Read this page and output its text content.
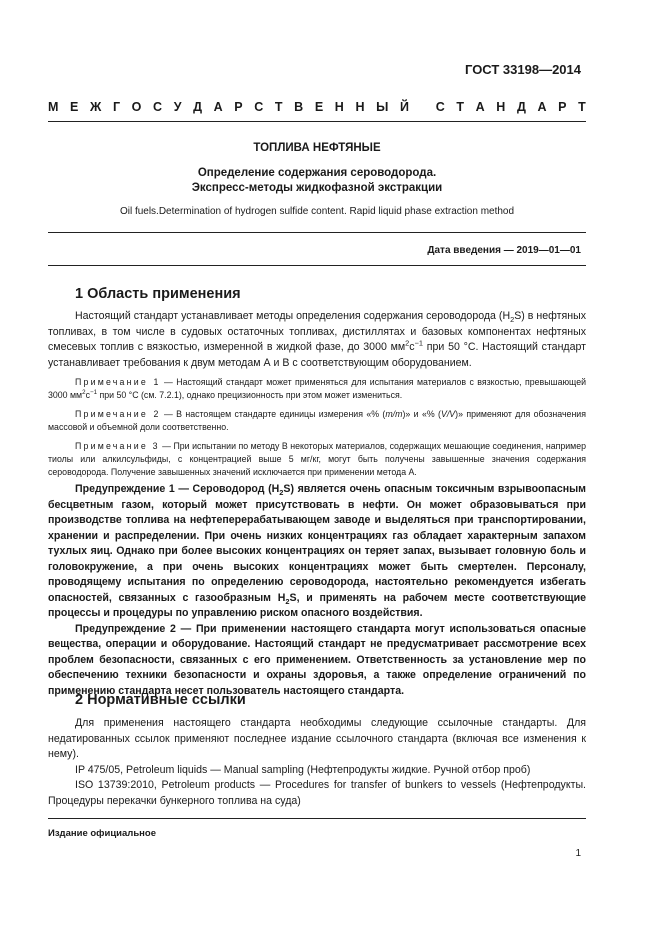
ГОСТ 33198—2014
М Е Ж Г О С У Д А Р С Т В Е Н Н Ы Й
С Т А Н Д А Р Т
ТОПЛИВА НЕФТЯНЫЕ
Определение содержания сероводорода.
Экспресс-методы жидкофазной экстракции
Oil fuels.Determination of hydrogen sulfide content. Rapid liquid phase extraction method
Дата введения — 2019—01—01
1 Область применения

Настоящий стандарт устанавливает методы определения содержания сероводорода $(H_2S)$ в нефтяных топливах, в том числе в судовых остаточных топливах, дистиллятах и базовых компонентах нефтяных смесевых топлив с вязкостью, измеренной в жидкой фазе, до 3000 $мм^2с^{-1}$ при 50 °C. Настоящий стандарт устанавливает требования к двум методам А и В с соответствующим оборудованием.

Примечание 1 — Настоящий стандарт может применяться для испытания материалов с вязкостью, превышающей 3000 $мм^2с^{-1}$ при 50 °C (см. 7.2.1), однако прецизионность при этом может измениться.

Примечание 2 — В настоящем стандарте единицы измерения «% (m/m)» и «% (V/V)» применяют для обозначения массовой и объемной доли соответственно.

Примечание 3 — При испытании по методу В некоторых материалов, содержащих мешающие соединения, например тиолы или алкилсульфиды, с концентрацией выше 5 мг/кг, могут быть получены завышенные значения содержания сероводорода. Получение завышенных значений исключается при применении метода А.

Предупреждение 1 — Сероводород $(H_2S)$ является очень опасным токсичным взрывоопасным бесцветным газом, который может присутствовать в нефти. Он может образовываться при производстве топлива на нефтеперерабатывающем заводе и выделяться при транспортировании, хранении и распределении. При очень низких концентрациях газ обладает характерным запахом тухлых яиц. Однако при более высоких концентрациях он теряет запах, вызывает головную боль и головокружение, а при очень высоких концентрациях может быть смертелен. Персоналу, проводящему испытания по определению сероводорода, настоятельно рекомендуется избегать опасностей, связанных с газообразным $H_2S$, и применять на рабочем месте соответствующие процессы и процедуры по управлению риском опасного воздействия.

Предупреждение 2 — При применении настоящего стандарта могут использоваться опасные вещества, операции и оборудование. Настоящий стандарт не предусматривает рассмотрение всех проблем безопасности, связанных с его применением. Ответственность за установление мер по обеспечению техники безопасности и охраны здоровья, а также определение ограничений по применению стандарта несет пользователь настоящего стандарта.

2 Нормативные ссылки

Для применения настоящего стандарта необходимы следующие ссылочные стандарты. Для недатированных ссылок применяют последнее издание ссылочного стандарта (включая все изменения к нему).

IP 475/05, Petroleum liquids — Manual sampling (Нефтепродукты жидкие. Ручной отбор проб)

ISO 13739:2010, Petroleum products — Procedures for transfer of bunkers to vessels (Нефтепродукты. Процедуры перекачки бункерного топлива на суда)

Издание официальное
1
